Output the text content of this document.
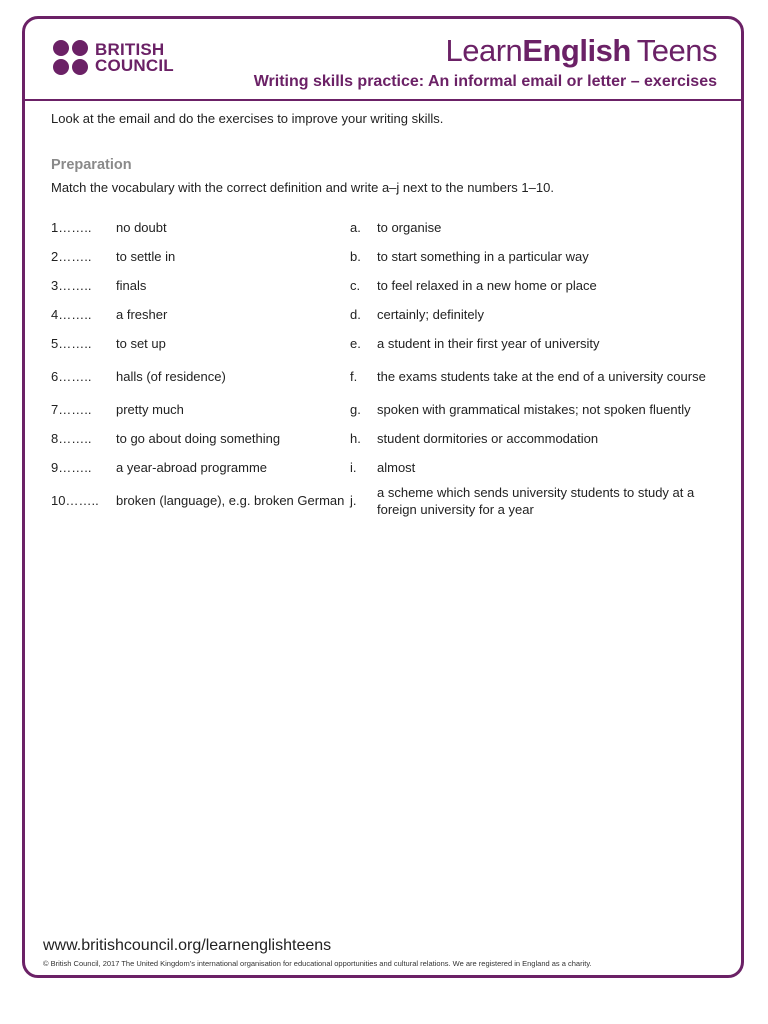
BRITISH
COUNCIL	LearnEnglish Teens
Writing skills practice: An informal email or letter – exercises
Look at the email and do the exercises to improve your writing skills.
Preparation
Match the vocabulary with the correct definition and write a–j next to the numbers 1–10.
1……..	no doubt	a.	to organise
2……..	to settle in	b.	to start something in a particular way
3……..	finals	c.	to feel relaxed in a new home or place
4……..	a fresher	d.	certainly; definitely
5……..	to set up	e.	a student in their first year of university
6……..	halls (of residence)	f.	the exams students take at the end of a university course
7……..	pretty much	g.	spoken with grammatical mistakes; not spoken fluently
8……..	to go about doing something	h.	student dormitories or accommodation
9……..	a year-abroad programme	i.	almost
10……..	broken (language), e.g. broken German	j.	a scheme which sends university students to study at a foreign university for a year
www.britishcouncil.org/learnenglishteens
© British Council, 2017 The United Kingdom’s international organisation for educational opportunities and cultural relations. We are registered in England as a charity.
